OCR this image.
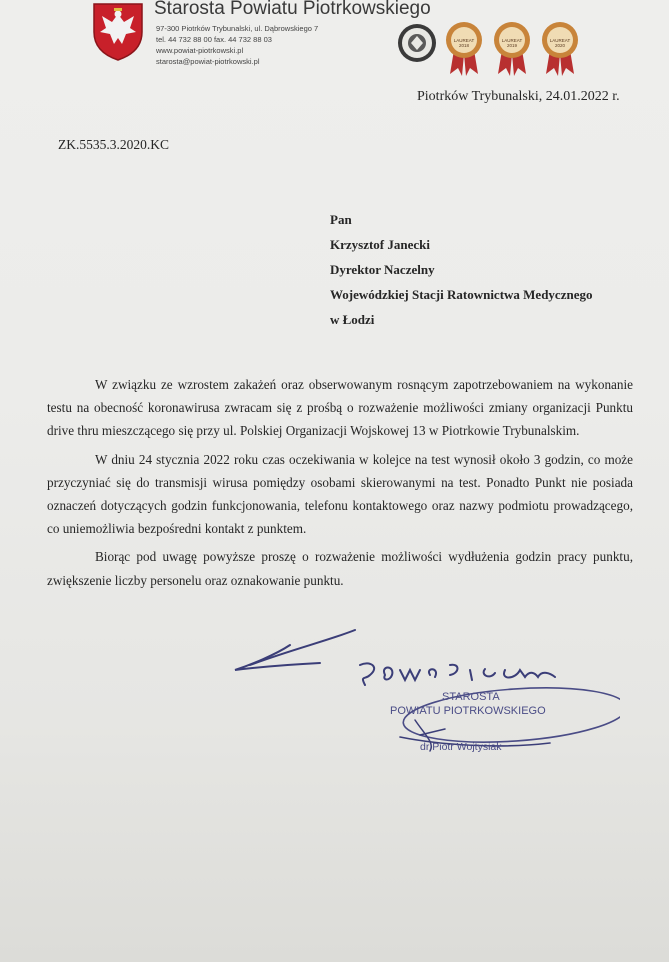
Starosta Powiatu Piotrkowskiego
97-300 Piotrków Trybunalski, ul. Dąbrowskiego 7
tel. 44 732 88 00 fax. 44 732 88 03
www.powiat-piotrkowski.pl
starosta@powiat-piotrkowski.pl
LAUREAT
2018
LAUREAT
2019
LAUREAT
2020
Piotrków Trybunalski, 24.01.2022 r.
ZK.5535.3.2020.KC
Pan
Krzysztof Janecki
Dyrektor Naczelny
Wojewódzkiej Stacji Ratownictwa Medycznego
w Łodzi

W związku ze wzrostem zakażeń oraz obserwowanym rosnącym zapotrzebowaniem na wykonanie testu na obecność koronawirusa zwracam się z prośbą o rozważenie możliwości zmiany organizacji Punktu drive thru mieszczącego się przy ul. Polskiej Organizacji Wojskowej 13 w Piotrkowie Trybunalskim.

W dniu 24 stycznia 2022 roku czas oczekiwania w kolejce na test wynosił około 3 godzin, co może przyczyniać się do transmisji wirusa pomiędzy osobami skierowanymi na test. Ponadto Punkt nie posiada oznaczeń dotyczących godzin funkcjonowania, telefonu kontaktowego oraz nazwy podmiotu prowadzącego, co uniemożliwia bezpośredni kontakt z punktem.

Biorąc pod uwagę powyższe proszę o rozważenie możliwości wydłużenia godzin pracy punktu, zwiększenie liczby personelu oraz oznakowanie punktu.

STAROSTA
POWIATU PIOTRKOWSKIEGO
dr Piotr Wojtysiak
